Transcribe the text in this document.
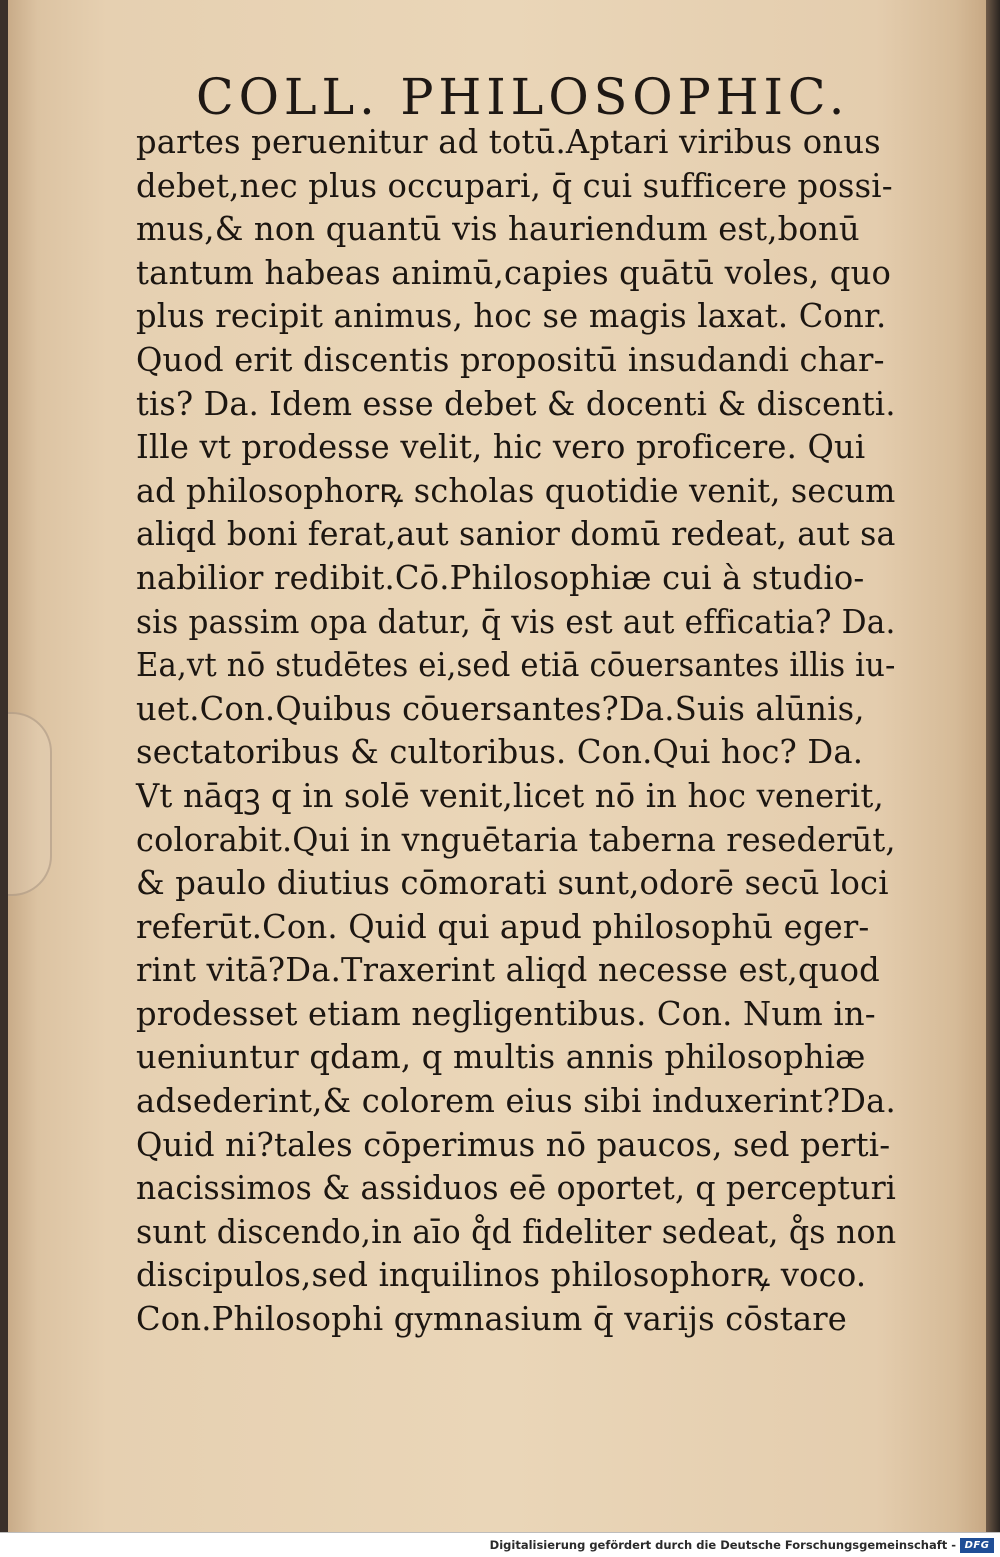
COLL. PHILOSOPHIC.
partes peruenitur ad totū.Aptari viribus onus
debet,nec plus occupari, q̄ cui sufficere possi-
mus,& non quantū vis hauriendum est,bonū
tantum habeas animū,capies quātū voles, quo
plus recipit animus, hoc se magis laxat. Conr.
Quod erit discentis propositū insudandi char-
tis? Da. Idem esse debet & docenti & discenti.
Ille vt prodesse velit, hic vero proficere. Qui
ad philosophorꝶ scholas quotidie venit, secum
aliqd boni ferat,aut sanior domū redeat, aut sa
nabilior redibit.Cō.Philosophiæ cui à studio-
sis passim opa datur, q̄ vis est aut efficatia? Da.
Ea,vt nō studētes ei,sed etiā cōuersantes illis iu-
uet.Con.Quibus cōuersantes?Da.Suis alūnis,
sectatoribus & cultoribus. Con.Qui hoc? Da.
Vt nāqꝫ q in solē venit,licet nō in hoc venerit,
colorabit.Qui in vnguētaria taberna resederūt,
& paulo diutius cōmorati sunt,odorē secū loci
referūt.Con. Quid qui apud philosophū eger-
rint vitā?Da.Traxerint aliqd necesse est,quod
prodesset etiam negligentibus. Con. Num in-
ueniuntur qdam, q multis annis philosophiæ
adsederint,& colorem eius sibi induxerint?Da.
Quid ni?tales cōperimus nō paucos, sed perti-
nacissimos & assiduos eē oportet, q percepturi
sunt discendo,in aīo q̊d fideliter sedeat, q̊s non
discipulos,sed inquilinos philosophorꝶ voco.
Con.Philosophi gymnasium q̄ varijs cōstare
Digitalisierung gefördert durch die Deutsche Forschungsgemeinschaft - DFG
